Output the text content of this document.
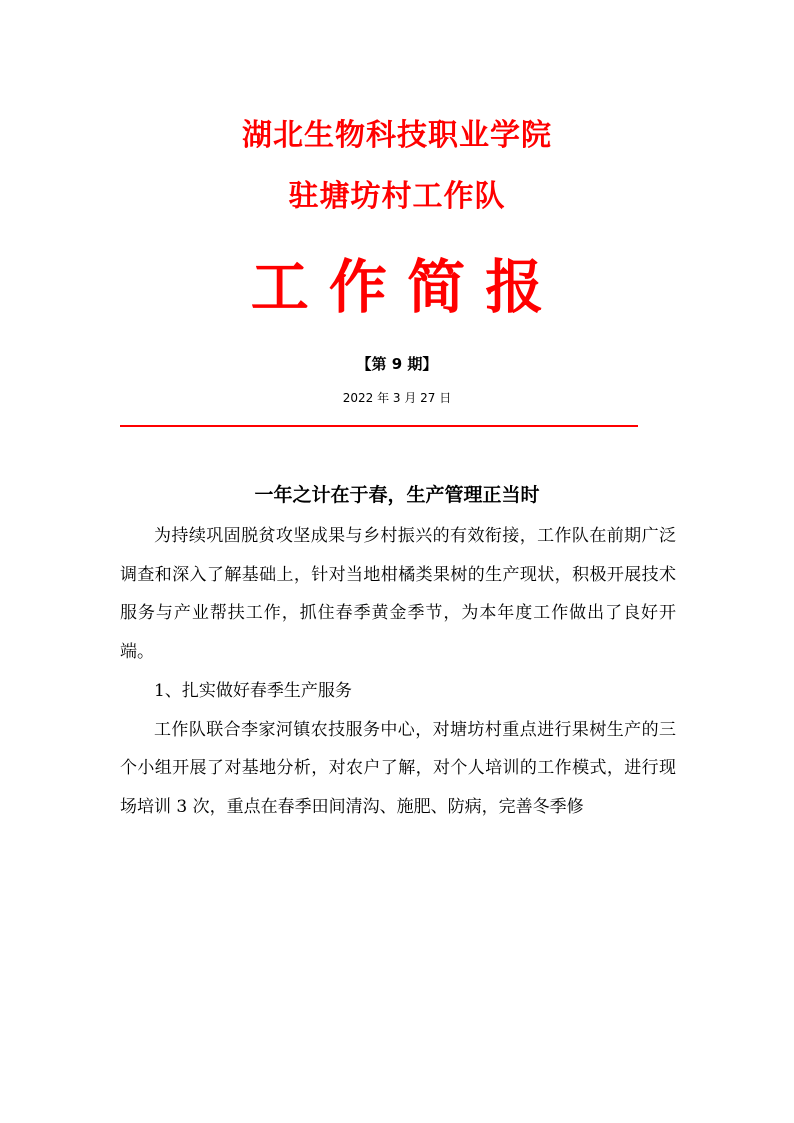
湖北生物科技职业学院
驻塘坊村工作队
工 作 简 报
【第 9 期】
2022 年 3 月 27 日
一年之计在于春，生产管理正当时

为持续巩固脱贫攻坚成果与乡村振兴的有效衔接，工作队在前期广泛调查和深入了解基础上，针对当地柑橘类果树的生产现状，积极开展技术服务与产业帮扶工作，抓住春季黄金季节，为本年度工作做出了良好开端。

1、扎实做好春季生产服务

工作队联合李家河镇农技服务中心，对塘坊村重点进行果树生产的三个小组开展了对基地分析，对农户了解，对个人培训的工作模式，进行现场培训 3 次，重点在春季田间清沟、施肥、防病，完善冬季修
